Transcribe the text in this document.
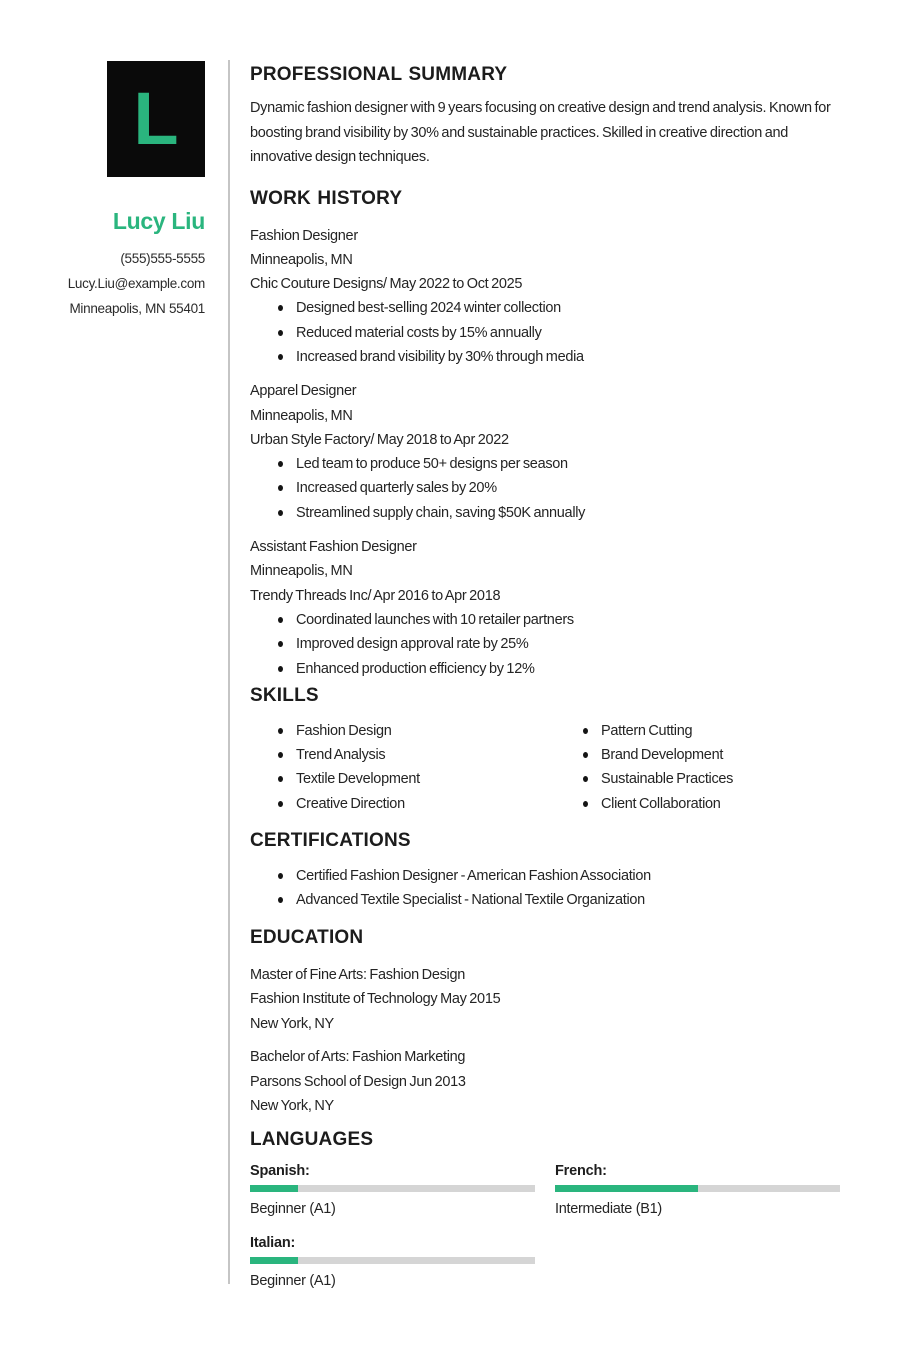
L
Lucy Liu
(555)555-5555
Lucy.Liu@example.com
Minneapolis, MN 55401
PROFESSIONAL SUMMARY

Dynamic fashion designer with 9 years focusing on creative design and trend analysis. Known for boosting brand visibility by 30% and sustainable practices. Skilled in creative direction and innovative design techniques.

WORK HISTORY
Fashion Designer
Minneapolis, MN
Chic Couture Designs/ May 2022 to Oct 2025
Designed best-selling 2024 winter collection
Reduced material costs by 15% annually
Increased brand visibility by 30% through media
Apparel Designer
Minneapolis, MN
Urban Style Factory/ May 2018 to Apr 2022
Led team to produce 50+ designs per season
Increased quarterly sales by 20%
Streamlined supply chain, saving $50K annually
Assistant Fashion Designer
Minneapolis, MN
Trendy Threads Inc/ Apr 2016 to Apr 2018
Coordinated launches with 10 retailer partners
Improved design approval rate by 25%
Enhanced production efficiency by 12%
SKILLS
Fashion Design
Trend Analysis
Textile Development
Creative Direction
Pattern Cutting
Brand Development
Sustainable Practices
Client Collaboration
CERTIFICATIONS
Certified Fashion Designer - American Fashion Association
Advanced Textile Specialist - National Textile Organization
EDUCATION
Master of Fine Arts: Fashion Design
Fashion Institute of Technology May 2015
New York, NY
Bachelor of Arts: Fashion Marketing
Parsons School of Design Jun 2013
New York, NY
LANGUAGES
Spanish:
Beginner (A1)
French:
Intermediate (B1)
Italian:
Beginner (A1)
